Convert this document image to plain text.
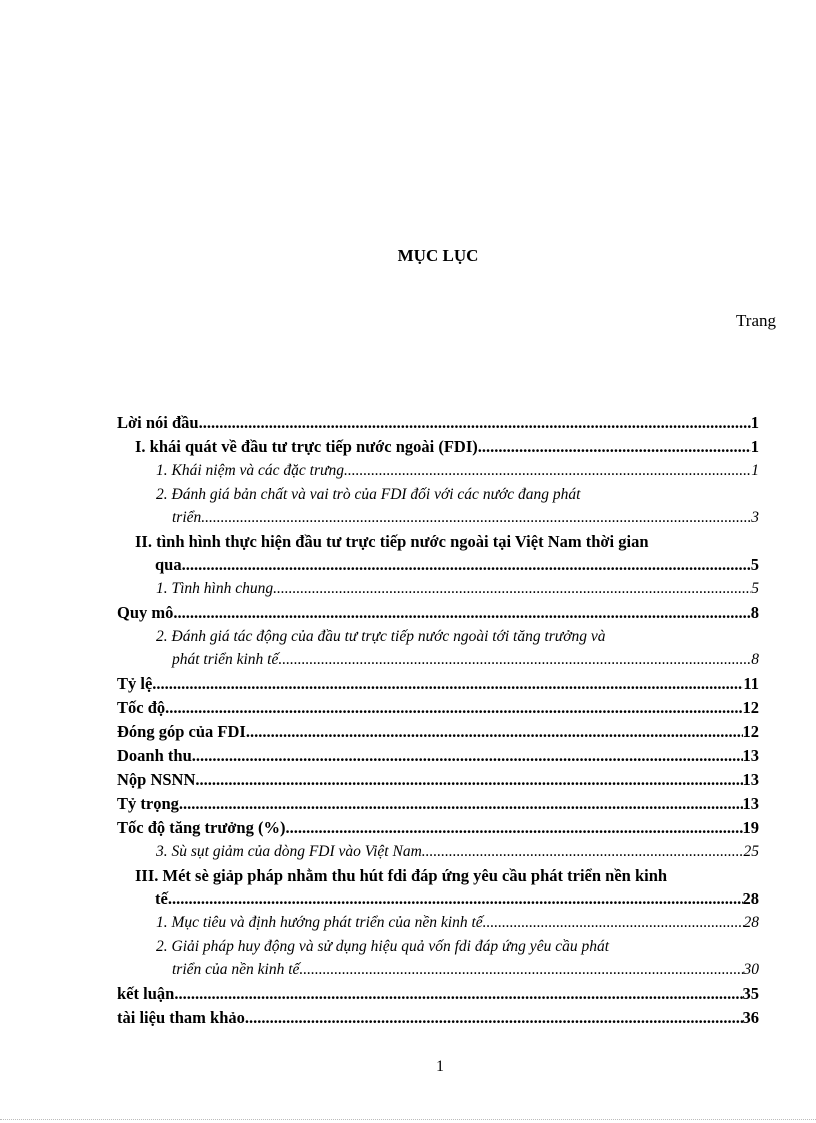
MỤC LỤC
Trang
Lời nói đầu .....	1
I. khái quát về đầu tư trực tiếp nước ngoài (FDI) .....	1
1. Khái niệm và các đặc trưng .....	1
2. Đánh giá bản chất và vai trò của FDI đối với các nước đang phát
triển .....	3
II. tình hình thực hiện đầu tư trực tiếp nước ngoài tại Việt Nam thời gian
qua. .....	5
1. Tình hình chung .....	5
Quy mô .....	8
2. Đánh giá tác động của đầu tư trực tiếp nước ngoài tới tăng trưởng và
phát triển kinh tế .....	8
Tỷ lệ .....	11
Tốc độ .....	12
Đóng góp của FDI .....	12
Doanh thu .....	13
Nộp NSNN .....	13
Tỷ trọng .....	13
Tốc độ tăng trưởng (%) .....	19
3. Sù sụt giảm của dòng FDI vào Việt Nam .....	25
III. Mét sè giảp pháp nhằm thu hút fdi đáp ứng yêu cầu phát triển nền kinh
tế .....	28
1. Mục tiêu và định hướng phát triển của nền kinh tế .....	28
2. Giải pháp huy động và sử dụng hiệu quả vốn fdi đáp ứng yêu cầu phát
triển của nền kinh tế .....	30
kết luận .....	35
tài liệu tham khảo .....	36
1
